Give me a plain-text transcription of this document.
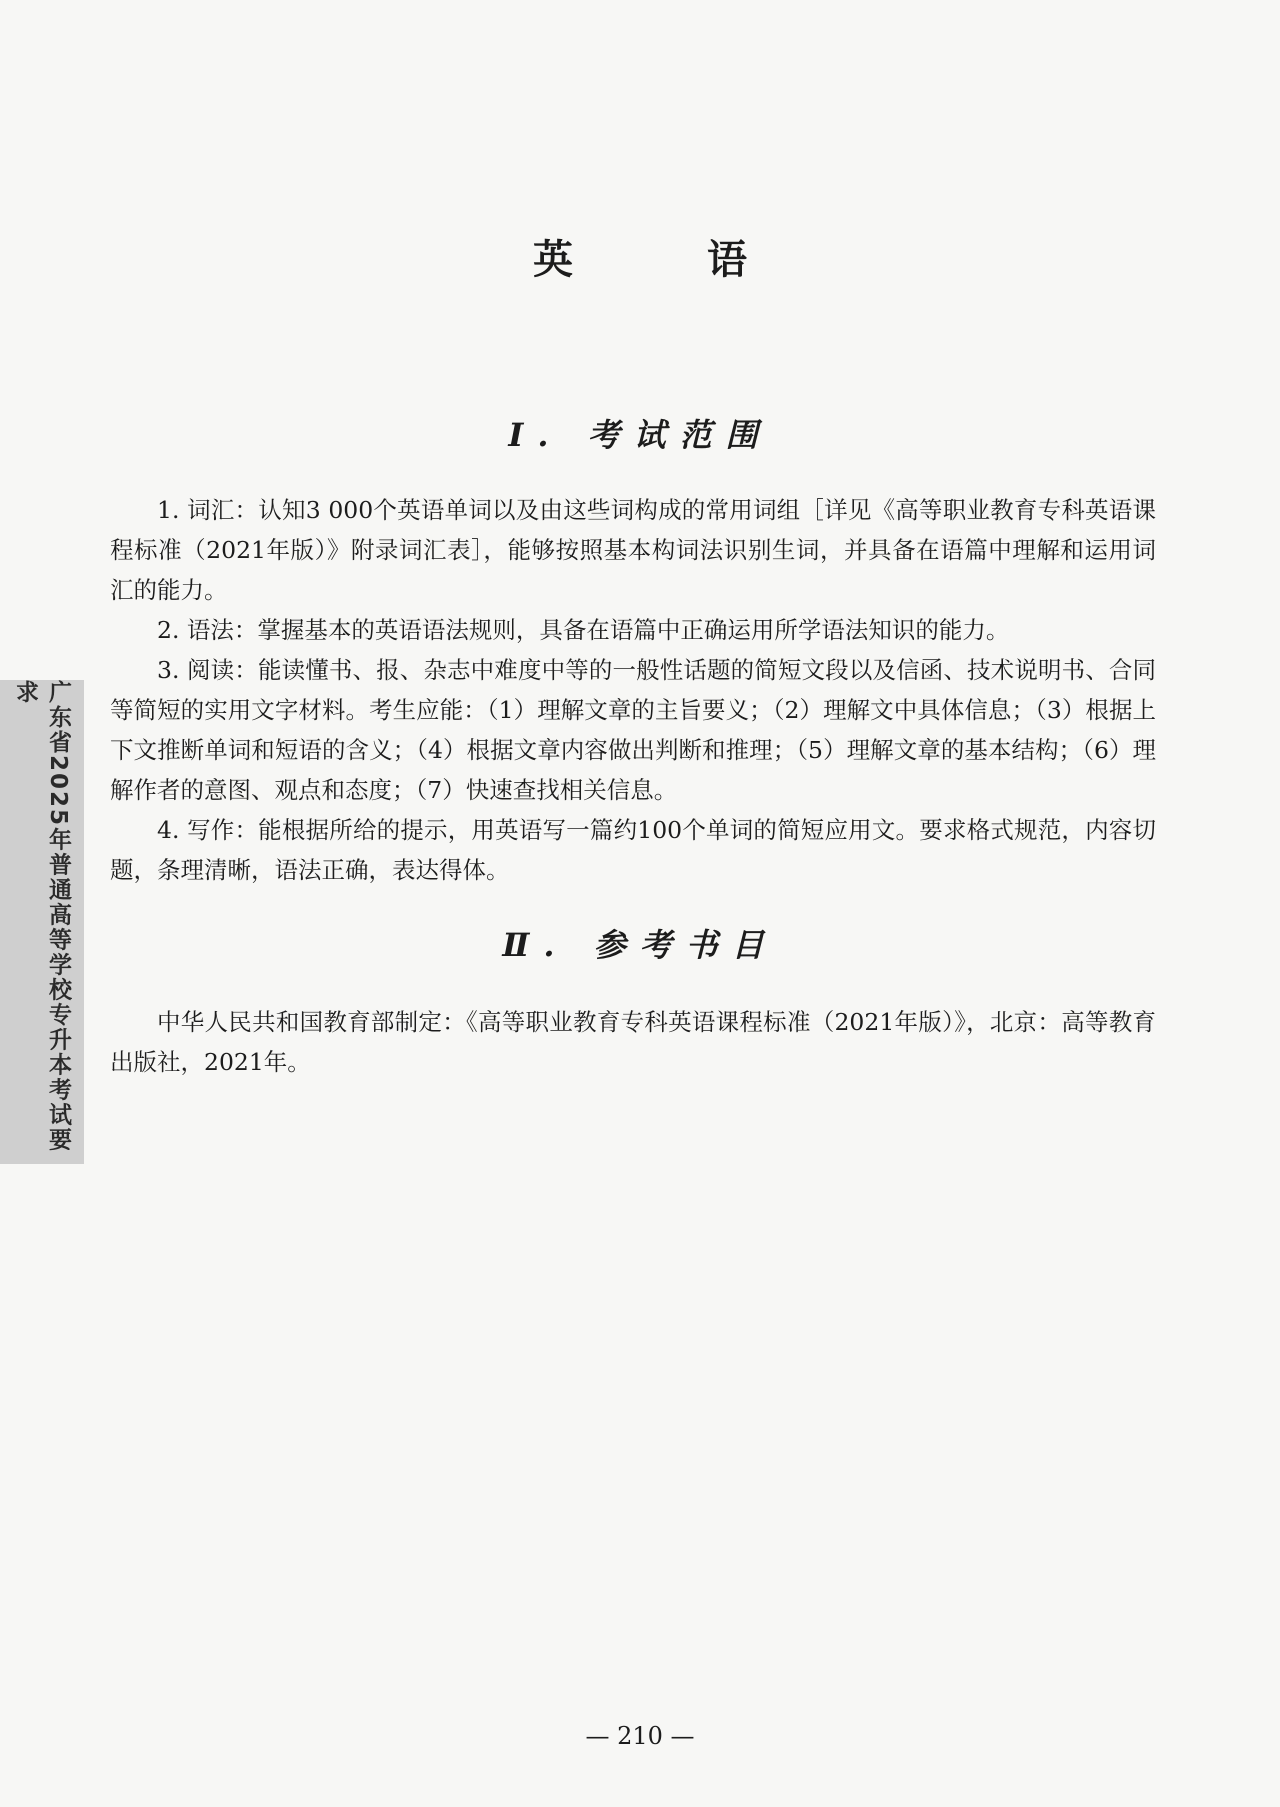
广东省2025年普通高等学校专升本考试要求
英 语
Ⅰ. 考试范围

1. 词汇：认知3 000个英语单词以及由这些词构成的常用词组［详见《高等职业教育专科英语课程标准（2021年版）》附录词汇表］，能够按照基本构词法识别生词，并具备在语篇中理解和运用词汇的能力。

2. 语法：掌握基本的英语语法规则，具备在语篇中正确运用所学语法知识的能力。

3. 阅读：能读懂书、报、杂志中难度中等的一般性话题的简短文段以及信函、技术说明书、合同等简短的实用文字材料。考生应能：（1）理解文章的主旨要义；（2）理解文中具体信息；（3）根据上下文推断单词和短语的含义；（4）根据文章内容做出判断和推理；（5）理解文章的基本结构；（6）理解作者的意图、观点和态度；（7）快速查找相关信息。

4. 写作：能根据所给的提示，用英语写一篇约100个单词的简短应用文。要求格式规范，内容切题，条理清晰，语法正确，表达得体。

Ⅱ. 参考书目

中华人民共和国教育部制定：《高等职业教育专科英语课程标准（2021年版）》，北京：高等教育出版社，2021年。

— 210 —
